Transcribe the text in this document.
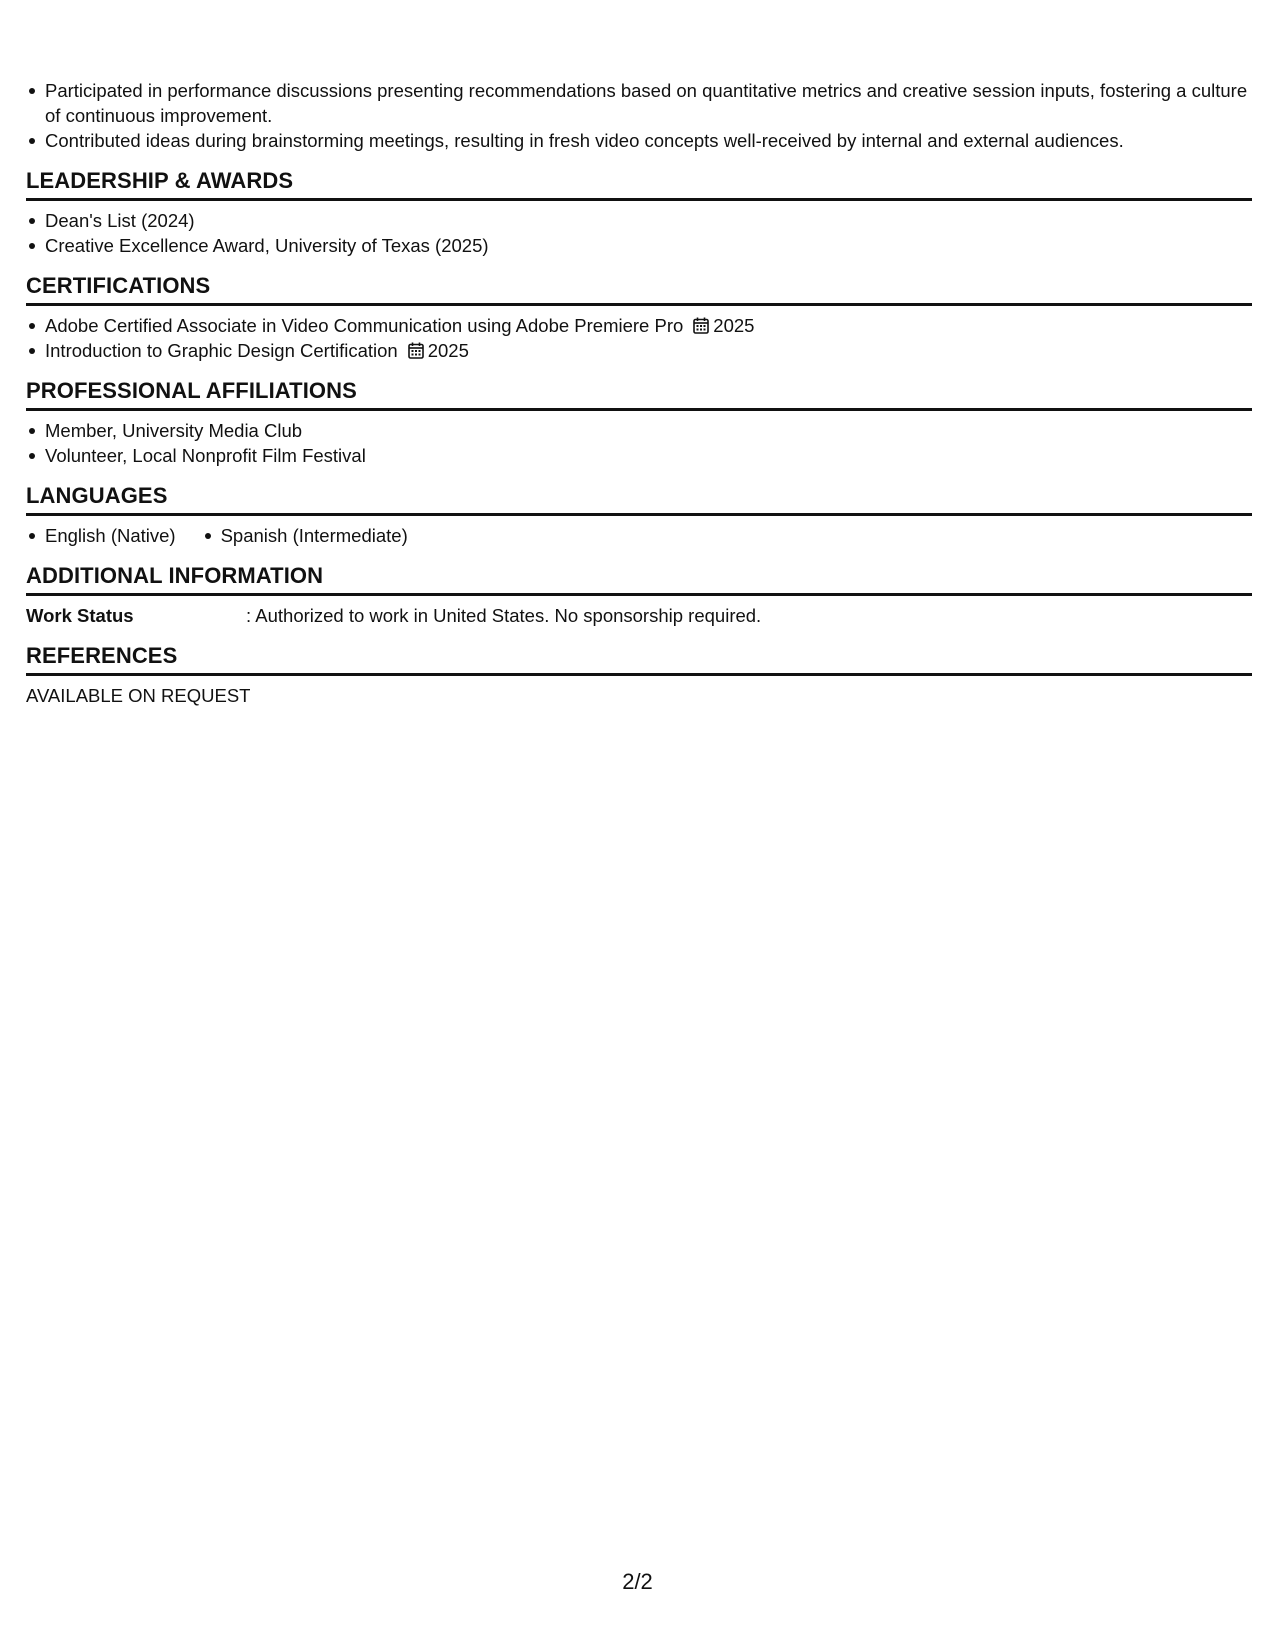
Participated in performance discussions presenting recommendations based on quantitative metrics and creative session inputs, fostering a culture of continuous improvement.
Contributed ideas during brainstorming meetings, resulting in fresh video concepts well-received by internal and external audiences.
LEADERSHIP & AWARDS
Dean's List (2024)
Creative Excellence Award, University of Texas (2025)
CERTIFICATIONS
Adobe Certified Associate in Video Communication using Adobe Premiere Pro 2025
Introduction to Graphic Design Certification 2025
PROFESSIONAL AFFILIATIONS
Member, University Media Club
Volunteer, Local Nonprofit Film Festival
LANGUAGES
English (Native) Spanish (Intermediate)
ADDITIONAL INFORMATION
Work Status	: Authorized to work in United States. No sponsorship required.
REFERENCES
AVAILABLE ON REQUEST
2/2
